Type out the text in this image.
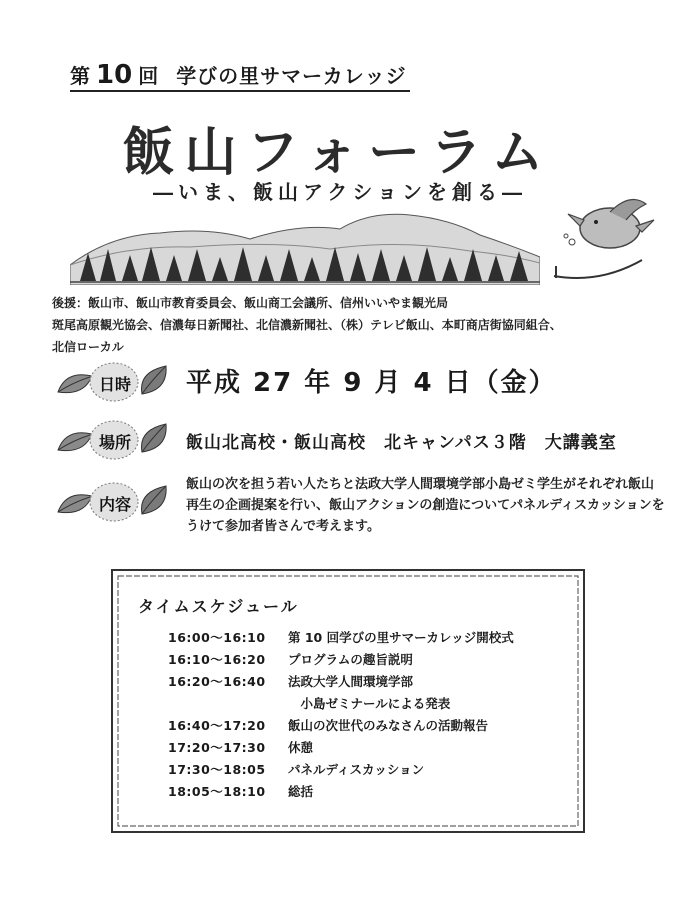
第 10 回 学びの里サマーカレッジ
飯山フォーラム
―いま、飯山アクションを創る―
後援：飯山市、飯山市教育委員会、飯山商工会議所、信州いいやま観光局
斑尾高原観光協会、信濃毎日新聞社、北信濃新聞社、（株）テレビ飯山、本町商店街協同組合、
北信ローカル
日時	平成 27 年 9 月 4 日（金）
場所	飯山北高校・飯山高校　北キャンパス３階　大講義室
内容
飯山の次を担う若い人たちと法政大学人間環境学部小島ゼミ学生がそれぞれ飯山再生の企画提案を行い、飯山アクションの創造についてパネルディスカッションをうけて参加者皆さんで考えます。
タイムスケジュール
16:00～16:10	第 10 回学びの里サマーカレッジ開校式
16:10～16:20	プログラムの趣旨説明
16:20～16:40	法政大学人間環境学部
　小島ゼミナールによる発表
16:40～17:20	飯山の次世代のみなさんの活動報告
17:20～17:30	休憩
17:30～18:05	パネルディスカッション
18:05～18:10	総括
